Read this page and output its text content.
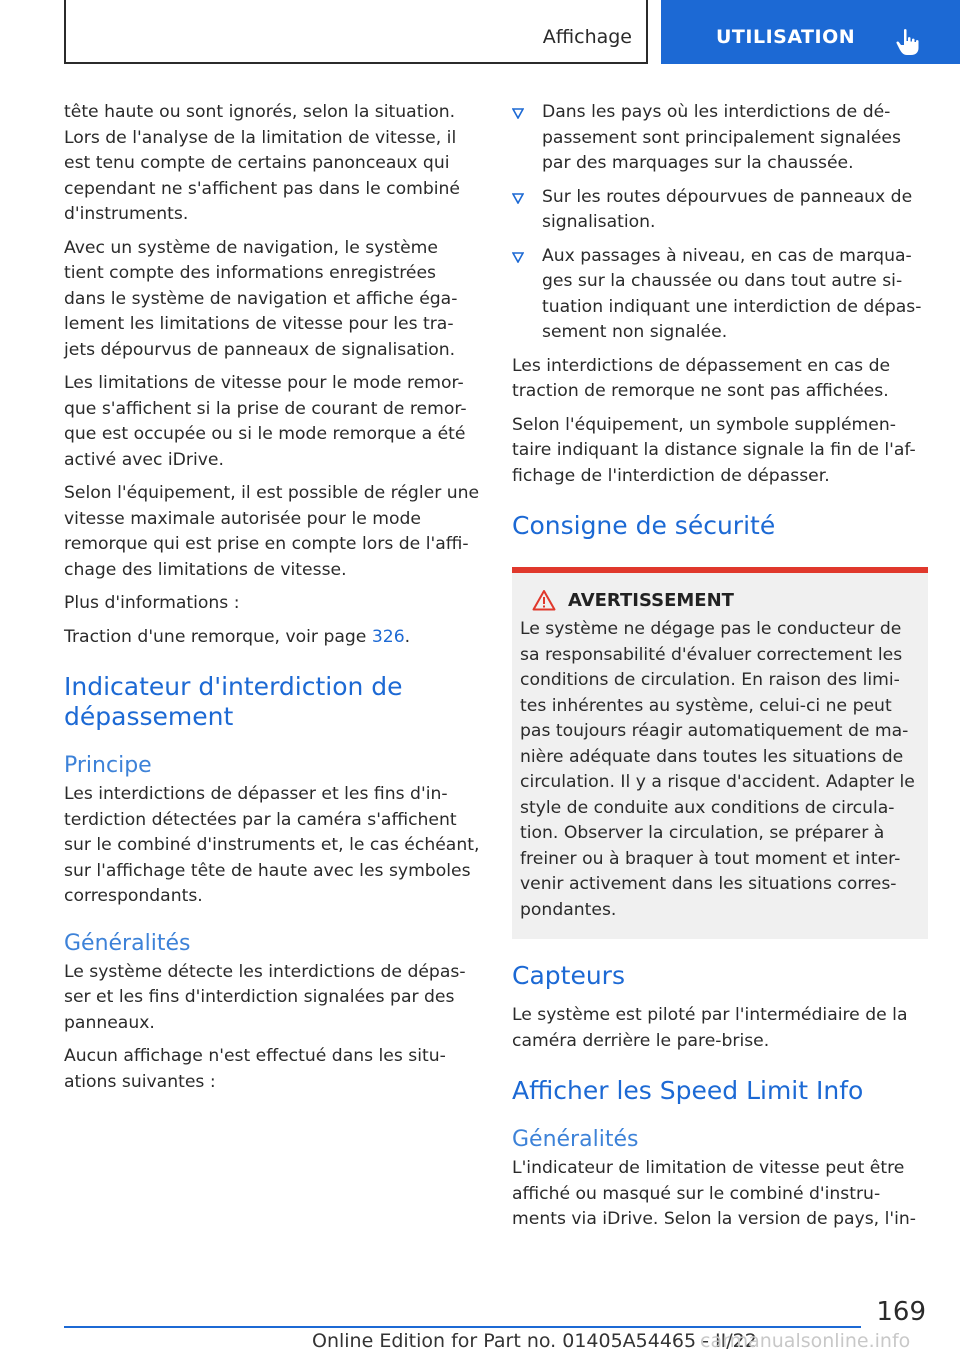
Affichage	UTILISATION

tête haute ou sont ignorés, selon la situation. Lors de l'analyse de la limitation de vitesse, il est tenu compte de certains panonceaux qui cependant ne s'affichent pas dans le combiné d'instruments.

Avec un système de navigation, le système tient compte des informations enregistrées dans le système de navigation et affiche éga-lement les limitations de vitesse pour les tra-jets dépourvus de panneaux de signalisation.

Les limitations de vitesse pour le mode remor-que s'affichent si la prise de courant de remor-que est occupée ou si le mode remorque a été activé avec iDrive.

Selon l'équipement, il est possible de régler une vitesse maximale autorisée pour le mode remorque qui est prise en compte lors de l'affi-chage des limitations de vitesse.

Plus d'informations :

Traction d'une remorque, voir page 326.

Indicateur d'interdiction de dépassement
Principe

Les interdictions de dépasser et les fins d'in-terdiction détectées par la caméra s'affichent sur le combiné d'instruments et, le cas échéant, sur l'affichage tête de haute avec les symboles correspondants.

Généralités

Le système détecte les interdictions de dépas-ser et les fins d'interdiction signalées par des panneaux.

Aucun affichage n'est effectué dans les situ-ations suivantes :

Dans les pays où les interdictions de dé-passement sont principalement signalées par des marquages sur la chaussée.
Sur les routes dépourvues de panneaux de signalisation.
Aux passages à niveau, en cas de marqua-ges sur la chaussée ou dans tout autre si-tuation indiquant une interdiction de dépas-sement non signalée.

Les interdictions de dépassement en cas de traction de remorque ne sont pas affichées.

Selon l'équipement, un symbole supplémen-taire indiquant la distance signale la fin de l'af-fichage de l'interdiction de dépasser.

Consigne de sécurité
AVERTISSEMENT

Le système ne dégage pas le conducteur de sa responsabilité d'évaluer correctement les conditions de circulation. En raison des limi-tes inhérentes au système, celui-ci ne peut pas toujours réagir automatiquement de ma-nière adéquate dans toutes les situations de circulation. Il y a risque d'accident. Adapter le style de conduite aux conditions de circula-tion. Observer la circulation, se préparer à freiner ou à braquer à tout moment et inter-venir activement dans les situations corres-pondantes.

Capteurs

Le système est piloté par l'intermédiaire de la caméra derrière le pare-brise.

Afficher les Speed Limit Info
Généralités

L'indicateur de limitation de vitesse peut être affiché ou masqué sur le combiné d'instru-ments via iDrive. Selon la version de pays, l'in-

169
Online Edition for Part no. 01405A54465 - II/22
carmanualsonline.info
